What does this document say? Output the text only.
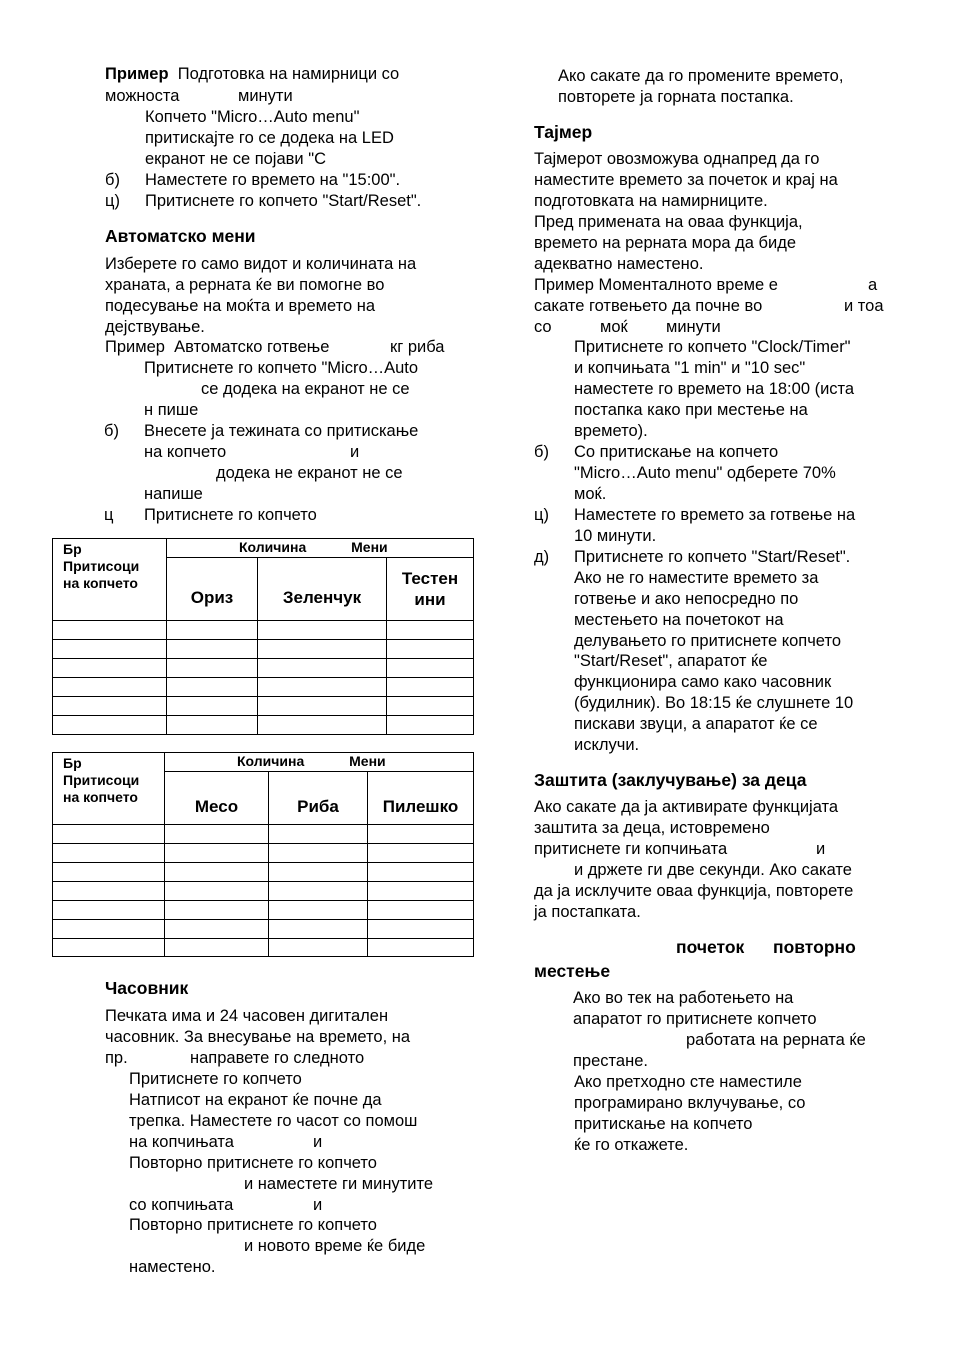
Пример Подготовка на намирници со
можноста	минути
Копчето "Micro…Auto menu"
притискајте го се додека на LED
екранот не се појави "С
б) Наместете го времето на "15:00".
ц) Притиснете го копчето "Start/Reset".
Автоматско мени
Изберете го само видот и количината на
храната, а рерната ќе ви помогне во
подесување на моќта и времето на
дејствување.
Пример Автоматско готвење	кг риба
Притиснете го копчето "Micro…Auto
се додека на екранот не се
н пише
б) Внесете ја тежината со притискање
на копчето	и
додека не екранот не се
напише
ц Притиснете го копчето
Бр
Притисоци
на копчето	Количина Мени		
	Ориз	Зеленчук	Тестен ини

Бр
Притисоци
на копчето	Количина Мени		
	Месо	Риба	Пилешко

Часовник
Печката има и 24 часовен дигитален
часовник. За внесување на времето, на
пр.	направете го следното
Притиснете го копчето
Натписот на екранот ќе почне да
трепка. Наместете го часот со помош
на копчињата	и
Повторно притиснете го копчето
и наместете ги минутите
со копчињата	и
Повторно притиснете го копчето
и новото време ќе биде
наместено.
Ако сакате да го промените времето,
повторете ја горната постапка.
Тајмер
Тајмерот овозможува однапред да го
наместите времето за почеток и крај на
подготовката на намирниците.
Пред примената на оваа функција,
времето на рерната мора да биде
адекватно наместено.
Пример Моменталното време е	а
сакате готвењето да почне во	и тоа
со	моќ минути
Притиснете го копчето "Clock/Timer"
и копчињата "1 min" и "10 sec"
наместете го времето на 18:00 (иста
постапка како при местење на
времето).
б) Со притискање на копчето
"Micro…Auto menu" одберете 70%
моќ.
ц) Наместете го времето за готвење на
10 минути.
д) Притиснете го копчето "Start/Reset".
Ако не го наместите времето за
готвење и ако непосредно по
местењето на почетокот на
делувањето го притиснете копчето
"Start/Reset", апаратот ќе
функционира само како часовник
(будилник). Во 18:15 ќе слушнете 10
пискави звуци, а апаратот ќе се
исклучи.
Заштита (заклучување) за деца
Ако сакате да ја активирате функцијата
заштита за деца, истовремено
притиснете ги копчињата	и
и држете ги две секунди. Ако сакате
да ја исклучите оваа функција, повторете
ја постапката.
почеток повторно
местење
Ако во тек на работењето на
апаратот го притиснете копчето
работата на рерната ќе
престане.
Ако претходно сте наместиле
програмирано вклучување, со
притискање на копчето
ќе го откажете.
